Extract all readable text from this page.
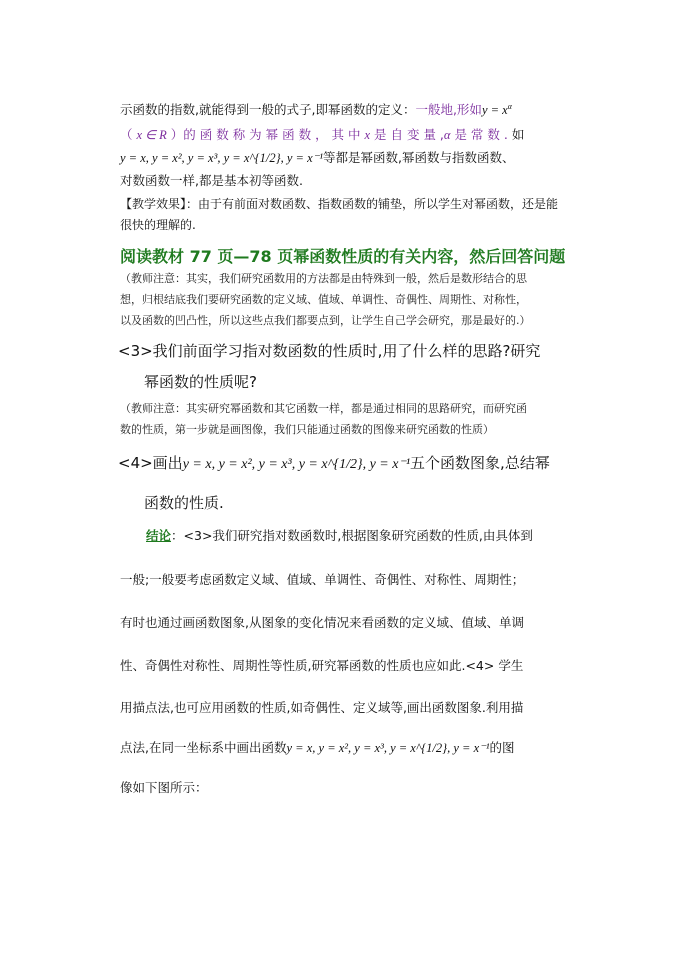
示函数的指数,就能得到一般的式子,即幂函数的定义：一般地,形如$y = x^\alpha$
（ x ∈ R ）的 函 数 称 为 幂 函 数 ， 其 中 x 是 自 变 量 ,α 是 常 数 . 如
y = x, y = x², y = x³, y = x^{1/2}, y = x⁻¹等都是幂函数,幂函数与指数函数、
对数函数一样,都是基本初等函数.
【教学效果】：由于有前面对数函数、指数函数的铺垫，所以学生对幂函数，还是能
很快的理解的.
阅读教材 77 页—78 页幂函数性质的有关内容，然后回答问题
（教师注意：其实，我们研究函数用的方法都是由特殊到一般，然后是数形结合的思
想，归根结底我们要研究函数的定义域、值域、单调性、奇偶性、周期性、对称性，
以及函数的凹凸性，所以这些点我们都要点到，让学生自己学会研究，那是最好的.）
<3>我们前面学习指对数函数的性质时,用了什么样的思路?研究
幂函数的性质呢?
（教师注意：其实研究幂函数和其它函数一样，都是通过相同的思路研究，而研究函
数的性质，第一步就是画图像，我们只能通过函数的图像来研究函数的性质）
<4>画出y = x, y = x², y = x³, y = x^{1/2}, y = x⁻¹五个函数图象,总结幂
函数的性质.
结论：<3>我们研究指对数函数时,根据图象研究函数的性质,由具体到
一般;一般要考虑函数定义域、值域、单调性、奇偶性、对称性、周期性；
有时也通过画函数图象,从图象的变化情况来看函数的定义域、值域、单调
性、奇偶性对称性、周期性等性质,研究幂函数的性质也应如此.<4> 学生
用描点法,也可应用函数的性质,如奇偶性、定义域等,画出函数图象.利用描
点法,在同一坐标系中画出函数y = x, y = x², y = x³, y = x^{1/2}, y = x⁻¹的图
像如下图所示：
